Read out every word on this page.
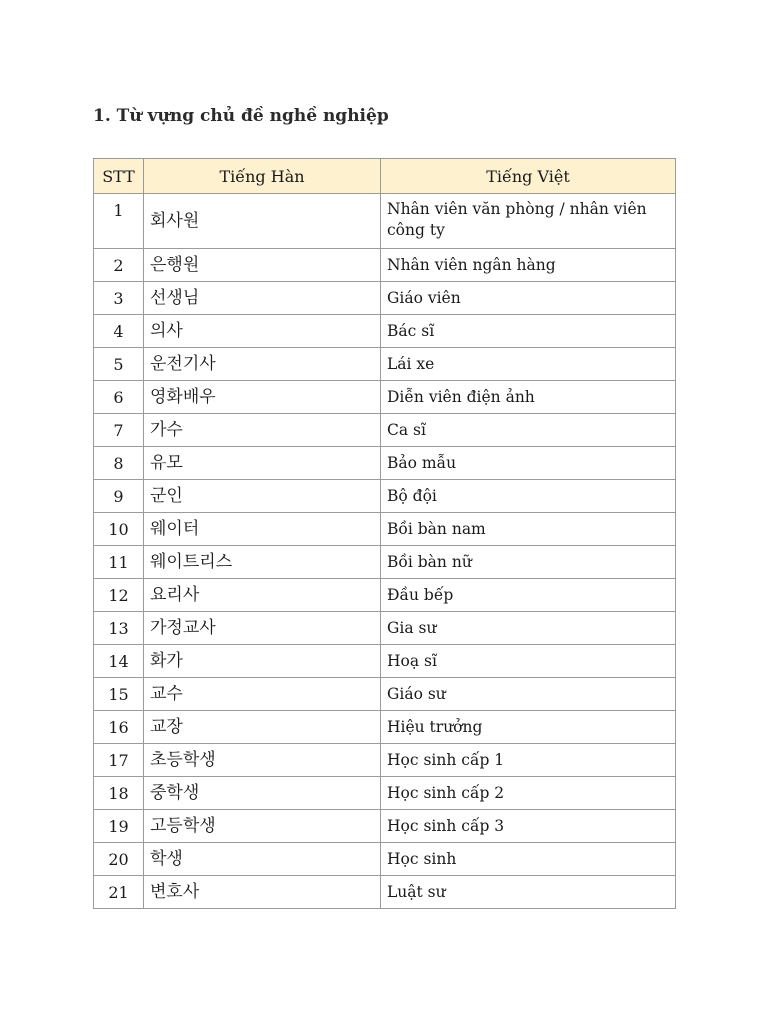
1. Từ vựng chủ đề nghề nghiệp
STT	Tiếng Hàn	Tiếng Việt
1	회사원	Nhân viên văn phòng / nhân viên công ty
2	은행원	Nhân viên ngân hàng
3	선생님	Giáo viên
4	의사	Bác sĩ
5	운전기사	Lái xe
6	영화배우	Diễn viên điện ảnh
7	가수	Ca sĩ
8	유모	Bảo mẫu
9	군인	Bộ đội
10	웨이터	Bồi bàn nam
11	웨이트리스	Bồi bàn nữ
12	요리사	Đầu bếp
13	가정교사	Gia sư
14	화가	Hoạ sĩ
15	교수	Giáo sư
16	교장	Hiệu trưởng
17	초등학생	Học sinh cấp 1
18	중학생	Học sinh cấp 2
19	고등학생	Học sinh cấp 3
20	학생	Học sinh
21	변호사	Luật sư
